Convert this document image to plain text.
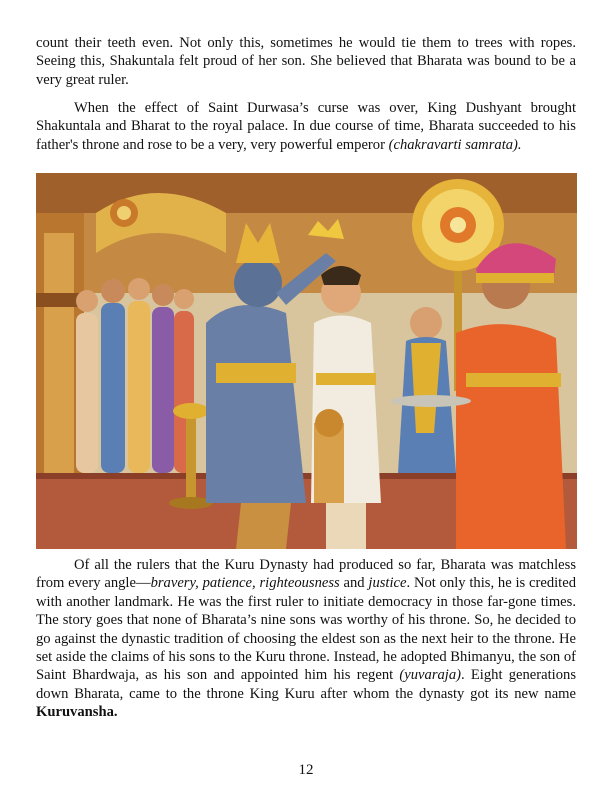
count their teeth even. Not only this, sometimes he would tie them to trees with ropes. Seeing this, Shakuntala felt proud of her son. She believed that Bharata was bound to be a very great ruler.

When the effect of Saint Durwasa’s curse was over, King Dushyant brought Shakuntala and Bharat to the royal palace. In due course of time, Bharata succeeded to his father's throne and rose to be a very, very powerful emperor (chakravarti samrata).

Of all the rulers that the Kuru Dynasty had produced so far, Bharata was matchless from every angle—bravery, patience, righteousness and justice. Not only this, he is credited with another landmark. He was the first ruler to initiate democracy in those far-gone times. The story goes that none of Bharata’s nine sons was worthy of his throne. So, he decided to go against the dynastic tradition of choosing the eldest son as the next heir to the throne. He set aside the claims of his sons to the Kuru throne. Instead, he adopted Bhimanyu, the son of Saint Bhardwaja, as his son and appointed him his regent (yuvaraja). Eight generations down Bharata, came to the throne King Kuru after whom the dynasty got its new name Kuruvansha.

12
